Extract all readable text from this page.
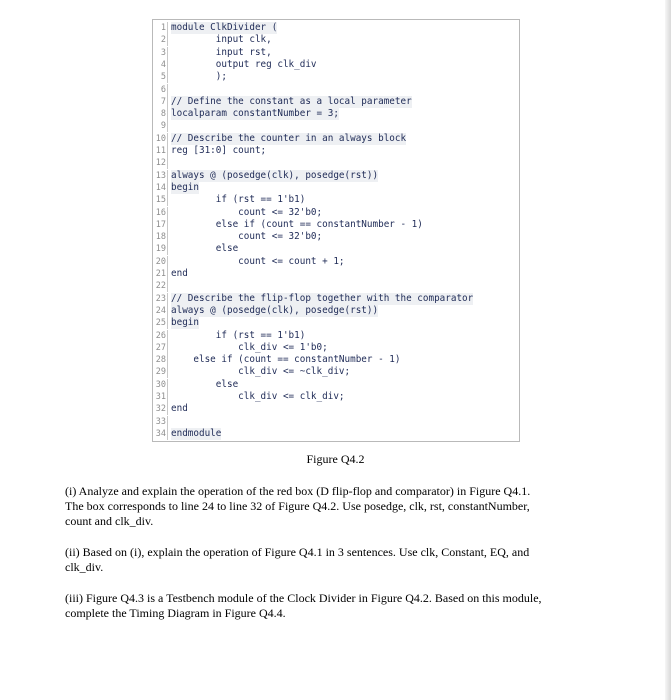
1 module ClkDivider (
2 input clk,
3 input rst,
4 output reg clk_div
5 );
6
7 // Define the constant as a local parameter
8 localparam constantNumber = 3;
9
10 // Describe the counter in an always block
11 reg [31:0] count;
12
13 always @ (posedge(clk), posedge(rst))
14 begin
15 if (rst == 1'b1)
16 count <= 32'b0;
17 else if (count == constantNumber - 1)
18 count <= 32'b0;
19 else
20 count <= count + 1;
21 end
22
23 // Describe the flip-flop together with the comparator
24 always @ (posedge(clk), posedge(rst))
25 begin
26 if (rst == 1'b1)
27 clk_div <= 1'b0;
28 else if (count == constantNumber - 1)
29 clk_div <= ~clk_div;
30 else
31 clk_div <= clk_div;
32 end
33
34 endmodule
Figure Q4.2
(i) Analyze and explain the operation of the red box (D flip-flop and comparator) in Figure Q4.1.
The box corresponds to line 24 to line 32 of Figure Q4.2. Use posedge, clk, rst, constantNumber,
count and clk_div.
(ii) Based on (i), explain the operation of Figure Q4.1 in 3 sentences. Use clk, Constant, EQ, and
clk_div.
(iii) Figure Q4.3 is a Testbench module of the Clock Divider in Figure Q4.2. Based on this module,
complete the Timing Diagram in Figure Q4.4.
